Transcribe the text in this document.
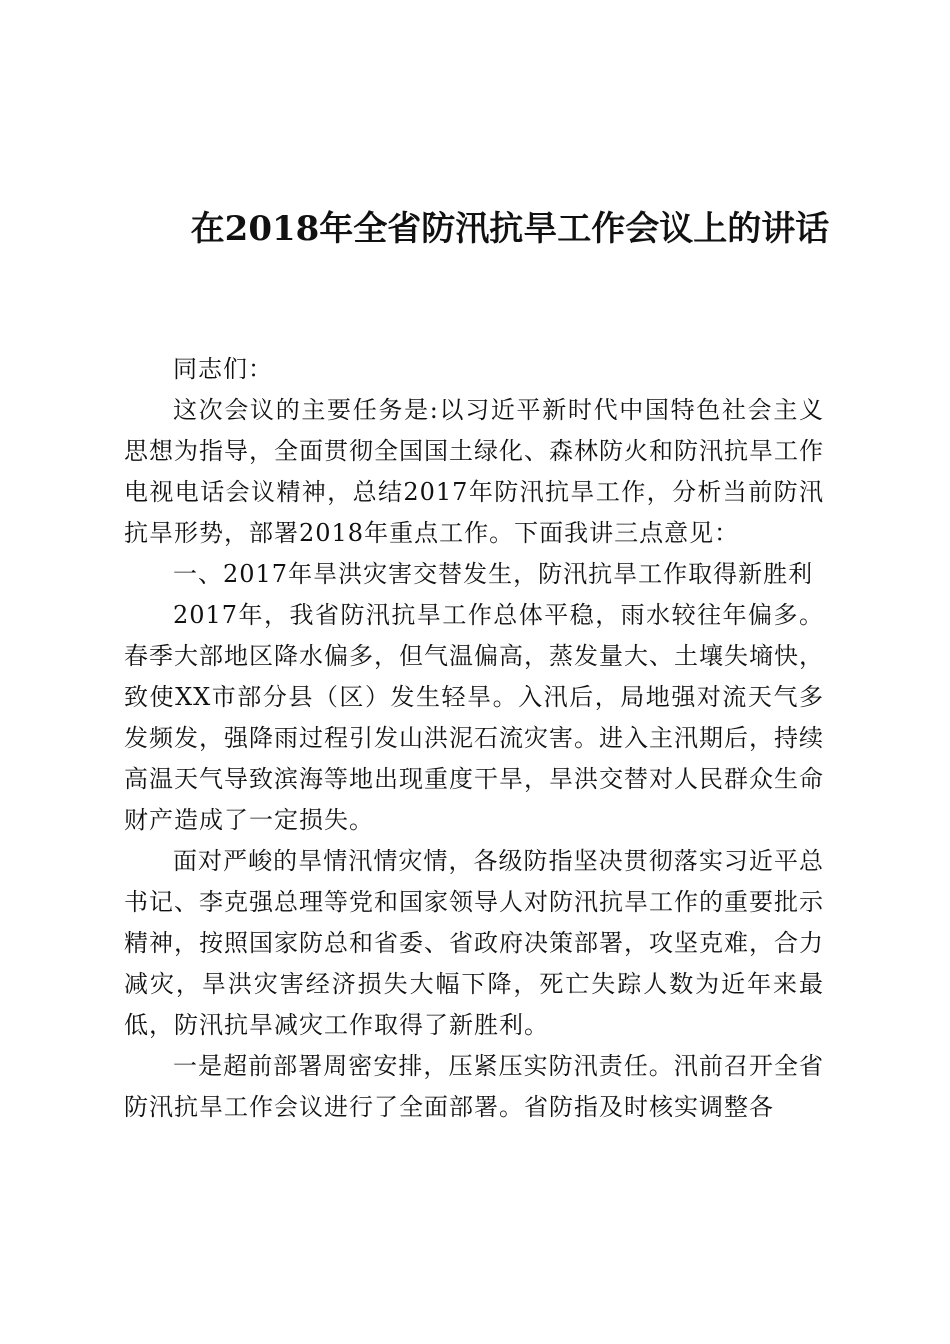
在2018年全省防汛抗旱工作会议上的讲话

同志们：

这次会议的主要任务是:以习近平新时代中国特色社会主义思想为指导，全面贯彻全国国土绿化、森林防火和防汛抗旱工作电视电话会议精神，总结2017年防汛抗旱工作，分析当前防汛抗旱形势，部署2018年重点工作。下面我讲三点意见：

一、2017年旱洪灾害交替发生，防汛抗旱工作取得新胜利

2017年，我省防汛抗旱工作总体平稳，雨水较往年偏多。春季大部地区降水偏多，但气温偏高，蒸发量大、土壤失墒快，致使XX市部分县（区）发生轻旱。入汛后，局地强对流天气多发频发，强降雨过程引发山洪泥石流灾害。进入主汛期后，持续高温天气导致滨海等地出现重度干旱，旱洪交替对人民群众生命财产造成了一定损失。

面对严峻的旱情汛情灾情，各级防指坚决贯彻落实习近平总书记、李克强总理等党和国家领导人对防汛抗旱工作的重要批示精神，按照国家防总和省委、省政府决策部署，攻坚克难，合力减灾，旱洪灾害经济损失大幅下降，死亡失踪人数为近年来最低，防汛抗旱减灾工作取得了新胜利。

一是超前部署周密安排，压紧压实防汛责任。汛前召开全省防汛抗旱工作会议进行了全面部署。省防指及时核实调整各
